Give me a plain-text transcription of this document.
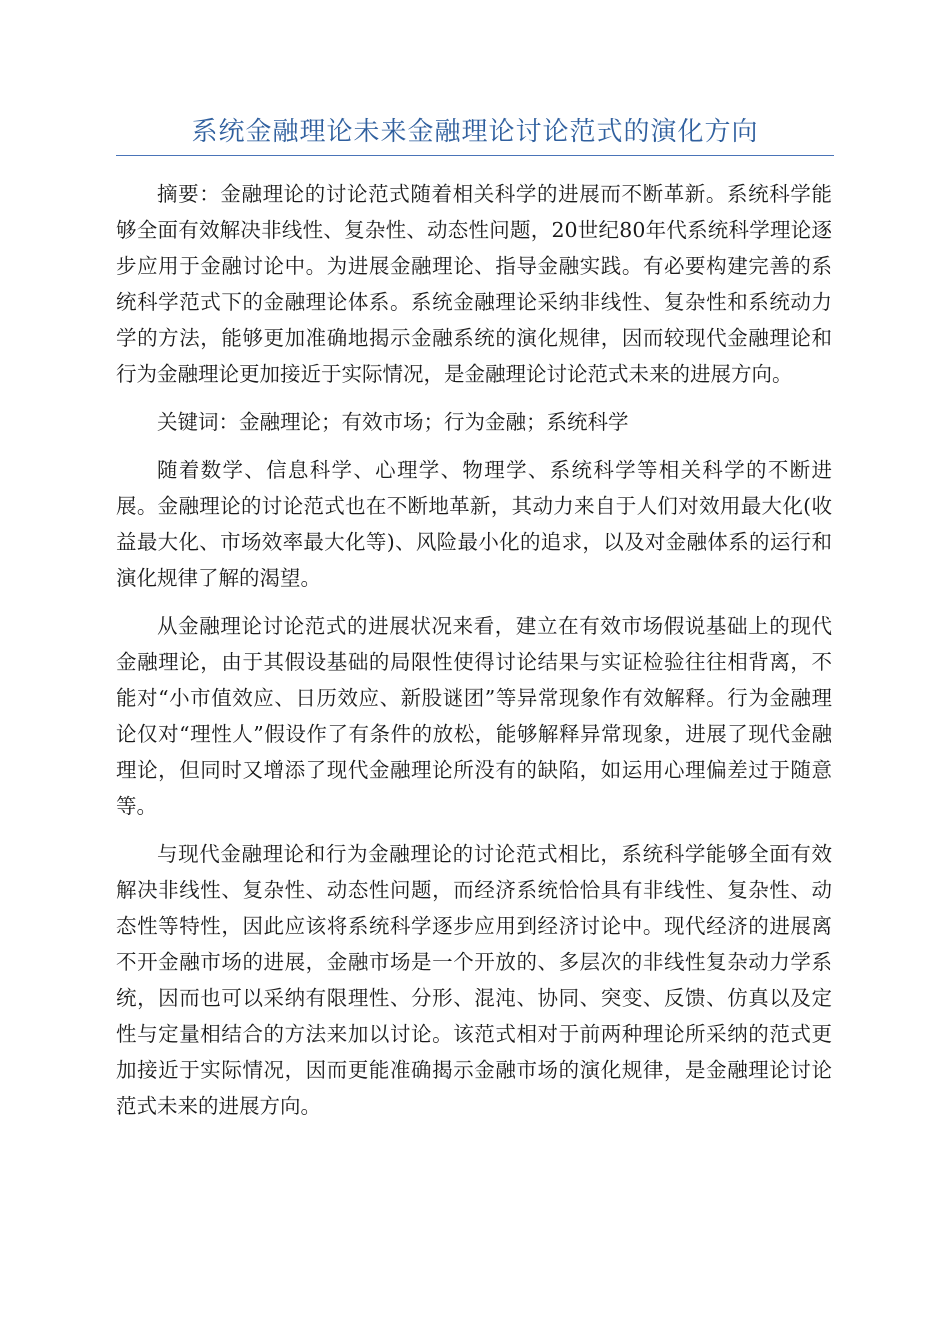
系统金融理论未来金融理论讨论范式的演化方向

摘要：金融理论的讨论范式随着相关科学的进展而不断革新。系统科学能够全面有效解决非线性、复杂性、动态性问题，20世纪80年代系统科学理论逐步应用于金融讨论中。为进展金融理论、指导金融实践。有必要构建完善的系统科学范式下的金融理论体系。系统金融理论采纳非线性、复杂性和系统动力学的方法，能够更加准确地揭示金融系统的演化规律，因而较现代金融理论和行为金融理论更加接近于实际情况，是金融理论讨论范式未来的进展方向。

关键词：金融理论；有效市场；行为金融；系统科学

随着数学、信息科学、心理学、物理学、系统科学等相关科学的不断进展。金融理论的讨论范式也在不断地革新，其动力来自于人们对效用最大化(收益最大化、市场效率最大化等)、风险最小化的追求，以及对金融体系的运行和演化规律了解的渴望。

从金融理论讨论范式的进展状况来看，建立在有效市场假说基础上的现代金融理论，由于其假设基础的局限性使得讨论结果与实证检验往往相背离，不能对“小市值效应、日历效应、新股谜团”等异常现象作有效解释。行为金融理论仅对“理性人”假设作了有条件的放松，能够解释异常现象，进展了现代金融理论，但同时又增添了现代金融理论所没有的缺陷，如运用心理偏差过于随意等。

与现代金融理论和行为金融理论的讨论范式相比，系统科学能够全面有效解决非线性、复杂性、动态性问题，而经济系统恰恰具有非线性、复杂性、动态性等特性，因此应该将系统科学逐步应用到经济讨论中。现代经济的进展离不开金融市场的进展，金融市场是一个开放的、多层次的非线性复杂动力学系统，因而也可以采纳有限理性、分形、混沌、协同、突变、反馈、仿真以及定性与定量相结合的方法来加以讨论。该范式相对于前两种理论所采纳的范式更加接近于实际情况，因而更能准确揭示金融市场的演化规律，是金融理论讨论范式未来的进展方向。
